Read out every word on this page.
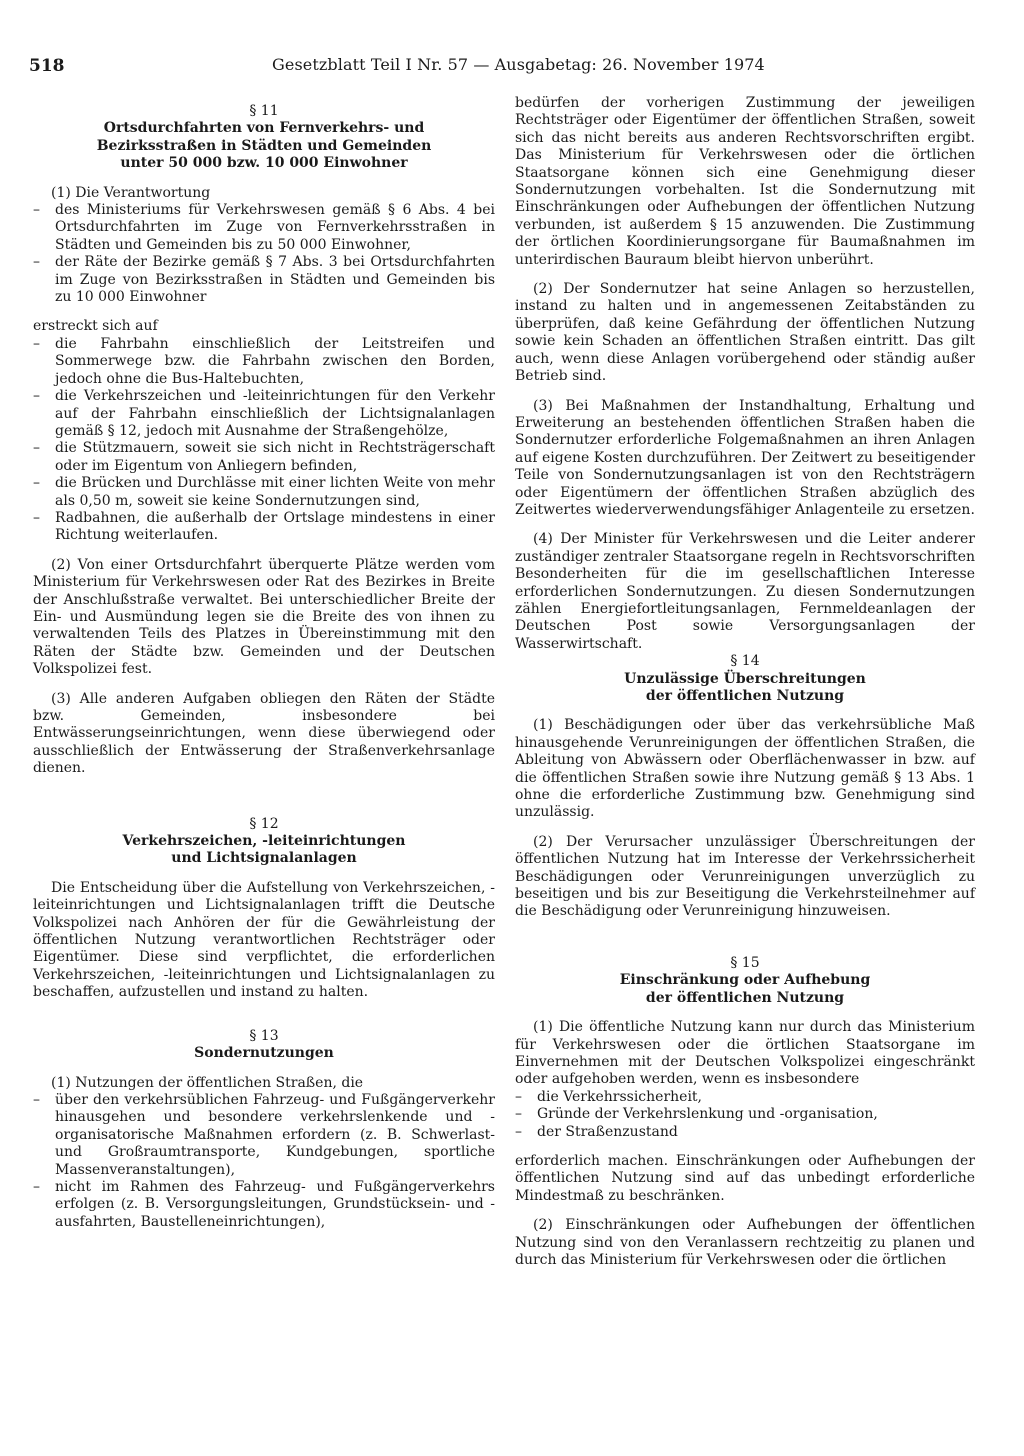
518	Gesetzblatt Teil I Nr. 57 — Ausgabetag: 26. November 1974
§ 11
Ortsdurchfahrten von Fernverkehrs- und
Bezirksstraßen in Städten und Gemeinden
unter 50 000 bzw. 10 000 Einwohner

(1) Die Verantwortung

– des Ministeriums für Verkehrswesen gemäß § 6 Abs. 4 bei Ortsdurchfahrten im Zuge von Fernverkehrsstraßen in Städten und Gemeinden bis zu 50 000 Einwohner,

– der Räte der Bezirke gemäß § 7 Abs. 3 bei Ortsdurchfahrten im Zuge von Bezirksstraßen in Städten und Gemeinden bis zu 10 000 Einwohner

erstreckt sich auf

– die Fahrbahn einschließlich der Leitstreifen und Sommerwege bzw. die Fahrbahn zwischen den Borden, jedoch ohne die Bus-Haltebuchten,

– die Verkehrszeichen und -leiteinrichtungen für den Verkehr auf der Fahrbahn einschließlich der Lichtsignalanlagen gemäß § 12, jedoch mit Ausnahme der Straßengehölze,

– die Stützmauern, soweit sie sich nicht in Rechtsträgerschaft oder im Eigentum von Anliegern befinden,

– die Brücken und Durchlässe mit einer lichten Weite von mehr als 0,50 m, soweit sie keine Sondernutzungen sind,

– Radbahnen, die außerhalb der Ortslage mindestens in einer Richtung weiterlaufen.

(2) Von einer Ortsdurchfahrt überquerte Plätze werden vom Ministerium für Verkehrswesen oder Rat des Bezirkes in Breite der Anschlußstraße verwaltet. Bei unterschiedlicher Breite der Ein- und Ausmündung legen sie die Breite des von ihnen zu verwaltenden Teils des Platzes in Übereinstimmung mit den Räten der Städte bzw. Gemeinden und der Deutschen Volkspolizei fest.

(3) Alle anderen Aufgaben obliegen den Räten der Städte bzw. Gemeinden, insbesondere bei Entwässerungseinrichtungen, wenn diese überwiegend oder ausschließlich der Entwässerung der Straßenverkehrsanlage dienen.

§ 12
Verkehrszeichen, -leiteinrichtungen
und Lichtsignalanlagen

Die Entscheidung über die Aufstellung von Verkehrszeichen, -leiteinrichtungen und Lichtsignalanlagen trifft die Deutsche Volkspolizei nach Anhören der für die Gewährleistung der öffentlichen Nutzung verantwortlichen Rechtsträger oder Eigentümer. Diese sind verpflichtet, die erforderlichen Verkehrszeichen, -leiteinrichtungen und Lichtsignalanlagen zu beschaffen, aufzustellen und instand zu halten.

§ 13
Sondernutzungen

(1) Nutzungen der öffentlichen Straßen, die

– über den verkehrsüblichen Fahrzeug- und Fußgängerverkehr hinausgehen und besondere verkehrslenkende und -organisatorische Maßnahmen erfordern (z. B. Schwerlast- und Großraumtransporte, Kundgebungen, sportliche Massenveranstaltungen),

– nicht im Rahmen des Fahrzeug- und Fußgängerverkehrs erfolgen (z. B. Versorgungsleitungen, Grundstücksein- und -ausfahrten, Baustelleneinrichtungen),

bedürfen der vorherigen Zustimmung der jeweiligen Rechtsträger oder Eigentümer der öffentlichen Straßen, soweit sich das nicht bereits aus anderen Rechtsvorschriften ergibt. Das Ministerium für Verkehrswesen oder die örtlichen Staatsorgane können sich eine Genehmigung dieser Sondernutzungen vorbehalten. Ist die Sondernutzung mit Einschränkungen oder Aufhebungen der öffentlichen Nutzung verbunden, ist außerdem § 15 anzuwenden. Die Zustimmung der örtlichen Koordinierungsorgane für Baumaßnahmen im unterirdischen Bauraum bleibt hiervon unberührt.

(2) Der Sondernutzer hat seine Anlagen so herzustellen, instand zu halten und in angemessenen Zeitabständen zu überprüfen, daß keine Gefährdung der öffentlichen Nutzung sowie kein Schaden an öffentlichen Straßen eintritt. Das gilt auch, wenn diese Anlagen vorübergehend oder ständig außer Betrieb sind.

(3) Bei Maßnahmen der Instandhaltung, Erhaltung und Erweiterung an bestehenden öffentlichen Straßen haben die Sondernutzer erforderliche Folgemaßnahmen an ihren Anlagen auf eigene Kosten durchzuführen. Der Zeitwert zu beseitigender Teile von Sondernutzungsanlagen ist von den Rechtsträgern oder Eigentümern der öffentlichen Straßen abzüglich des Zeitwertes wiederverwendungsfähiger Anlagenteile zu ersetzen.

(4) Der Minister für Verkehrswesen und die Leiter anderer zuständiger zentraler Staatsorgane regeln in Rechtsvorschriften Besonderheiten für die im gesellschaftlichen Interesse erforderlichen Sondernutzungen. Zu diesen Sondernutzungen zählen Energiefortleitungsanlagen, Fernmeldeanlagen der Deutschen Post sowie Versorgungsanlagen der Wasserwirtschaft.

§ 14
Unzulässige Überschreitungen
der öffentlichen Nutzung

(1) Beschädigungen oder über das verkehrsübliche Maß hinausgehende Verunreinigungen der öffentlichen Straßen, die Ableitung von Abwässern oder Oberflächenwasser in bzw. auf die öffentlichen Straßen sowie ihre Nutzung gemäß § 13 Abs. 1 ohne die erforderliche Zustimmung bzw. Genehmigung sind unzulässig.

(2) Der Verursacher unzulässiger Überschreitungen der öffentlichen Nutzung hat im Interesse der Verkehrssicherheit Beschädigungen oder Verunreinigungen unverzüglich zu beseitigen und bis zur Beseitigung die Verkehrsteilnehmer auf die Beschädigung oder Verunreinigung hinzuweisen.

§ 15
Einschränkung oder Aufhebung
der öffentlichen Nutzung

(1) Die öffentliche Nutzung kann nur durch das Ministerium für Verkehrswesen oder die örtlichen Staatsorgane im Einvernehmen mit der Deutschen Volkspolizei eingeschränkt oder aufgehoben werden, wenn es insbesondere

– die Verkehrssicherheit,

– Gründe der Verkehrslenkung und -organisation,

– der Straßenzustand

erforderlich machen. Einschränkungen oder Aufhebungen der öffentlichen Nutzung sind auf das unbedingt erforderliche Mindestmaß zu beschränken.

(2) Einschränkungen oder Aufhebungen der öffentlichen Nutzung sind von den Veranlassern rechtzeitig zu planen und durch das Ministerium für Verkehrswesen oder die örtlichen
